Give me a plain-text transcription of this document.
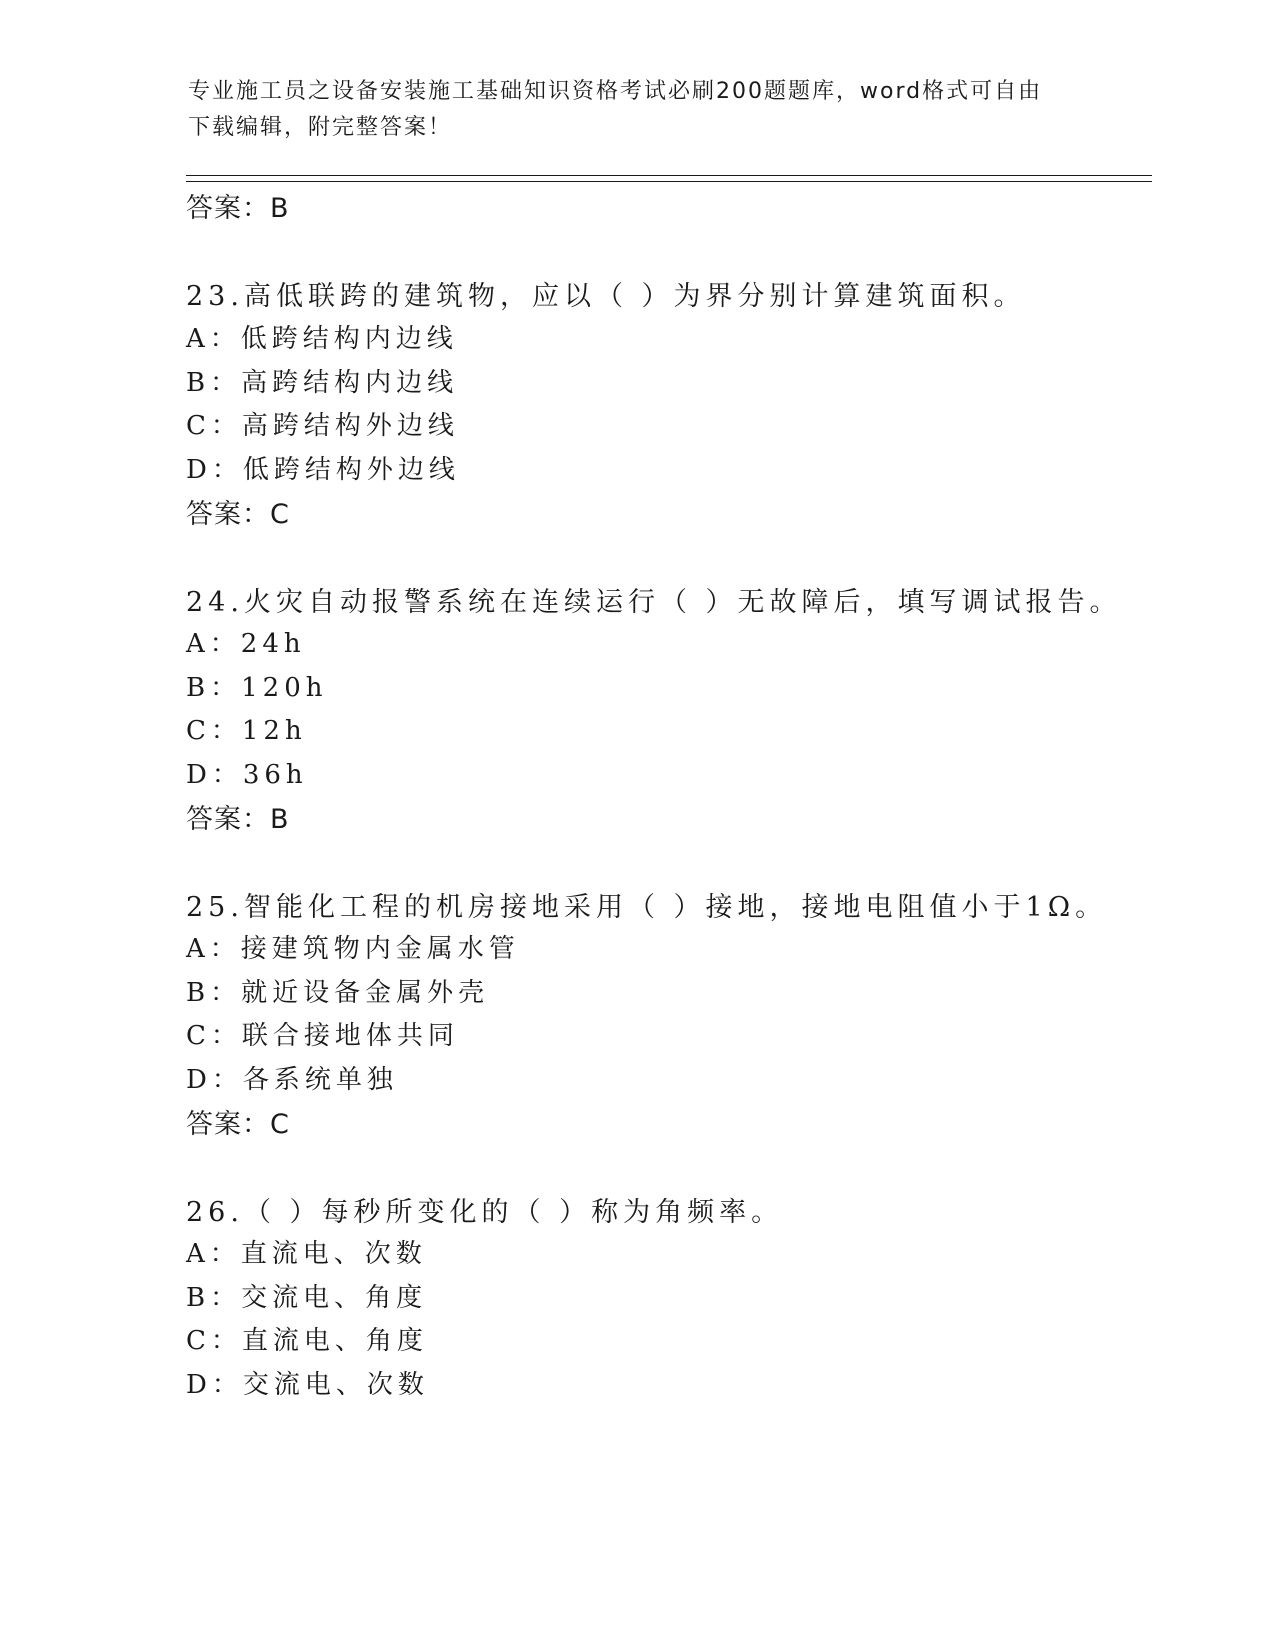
专业施工员之设备安装施工基础知识资格考试必刷200题题库，word格式可自由
下载编辑，附完整答案！
答案：B
23.高低联跨的建筑物，应以（ ）为界分别计算建筑面积。
A：低跨结构内边线
B：高跨结构内边线
C：高跨结构外边线
D：低跨结构外边线
答案：C
24.火灾自动报警系统在连续运行（ ）无故障后，填写调试报告。
A：24h
B：120h
C：12h
D：36h
答案：B
25.智能化工程的机房接地采用（ ）接地，接地电阻值小于1Ω。
A：接建筑物内金属水管
B：就近设备金属外壳
C：联合接地体共同
D：各系统单独
答案：C
26.（ ）每秒所变化的（ ）称为角频率。
A：直流电、次数
B：交流电、角度
C：直流电、角度
D：交流电、次数
